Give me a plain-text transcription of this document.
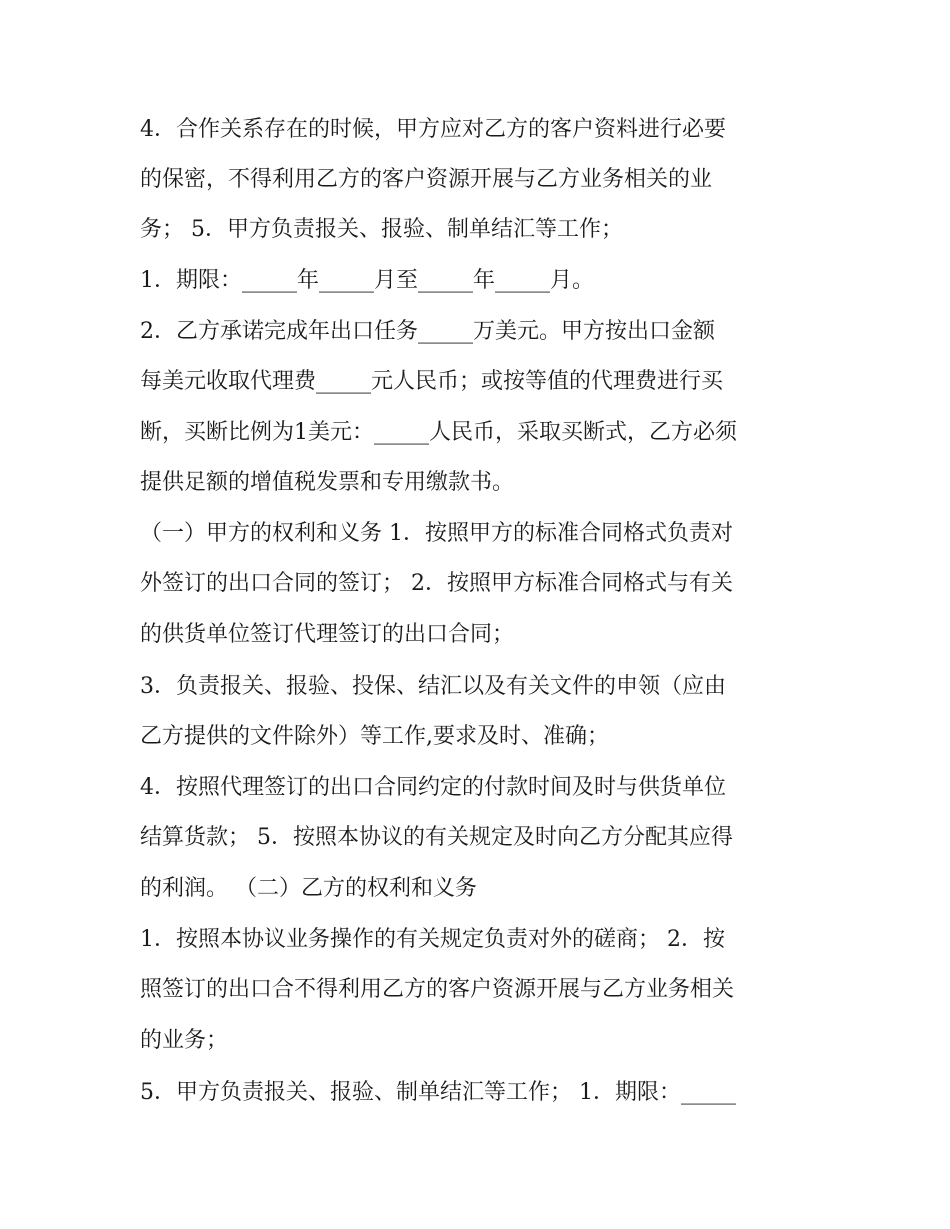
4．合作关系存在的时候，甲方应对乙方的客户资料进行必要
的保密，不得利用乙方的客户资源开展与乙方业务相关的业
务； 5．甲方负责报关、报验、制单结汇等工作；
1．期限：_____年_____月至_____年_____月。
2．乙方承诺完成年出口任务_____万美元。甲方按出口金额
每美元收取代理费_____元人民币；或按等值的代理费进行买
断，买断比例为1美元：_____人民币，采取买断式，乙方必须
提供足额的增值税发票和专用缴款书。
（一）甲方的权利和义务 1．按照甲方的标准合同格式负责对
外签订的出口合同的签订； 2．按照甲方标准合同格式与有关
的供货单位签订代理签订的出口合同；
3．负责报关、报验、投保、结汇以及有关文件的申领（应由
乙方提供的文件除外）等工作,要求及时、准确；
4．按照代理签订的出口合同约定的付款时间及时与供货单位
结算货款； 5．按照本协议的有关规定及时向乙方分配其应得
的利润。 （二）乙方的权利和义务
1．按照本协议业务操作的有关规定负责对外的磋商； 2．按
照签订的出口合不得利用乙方的客户资源开展与乙方业务相关
的业务；
5．甲方负责报关、报验、制单结汇等工作； 1．期限：_____
